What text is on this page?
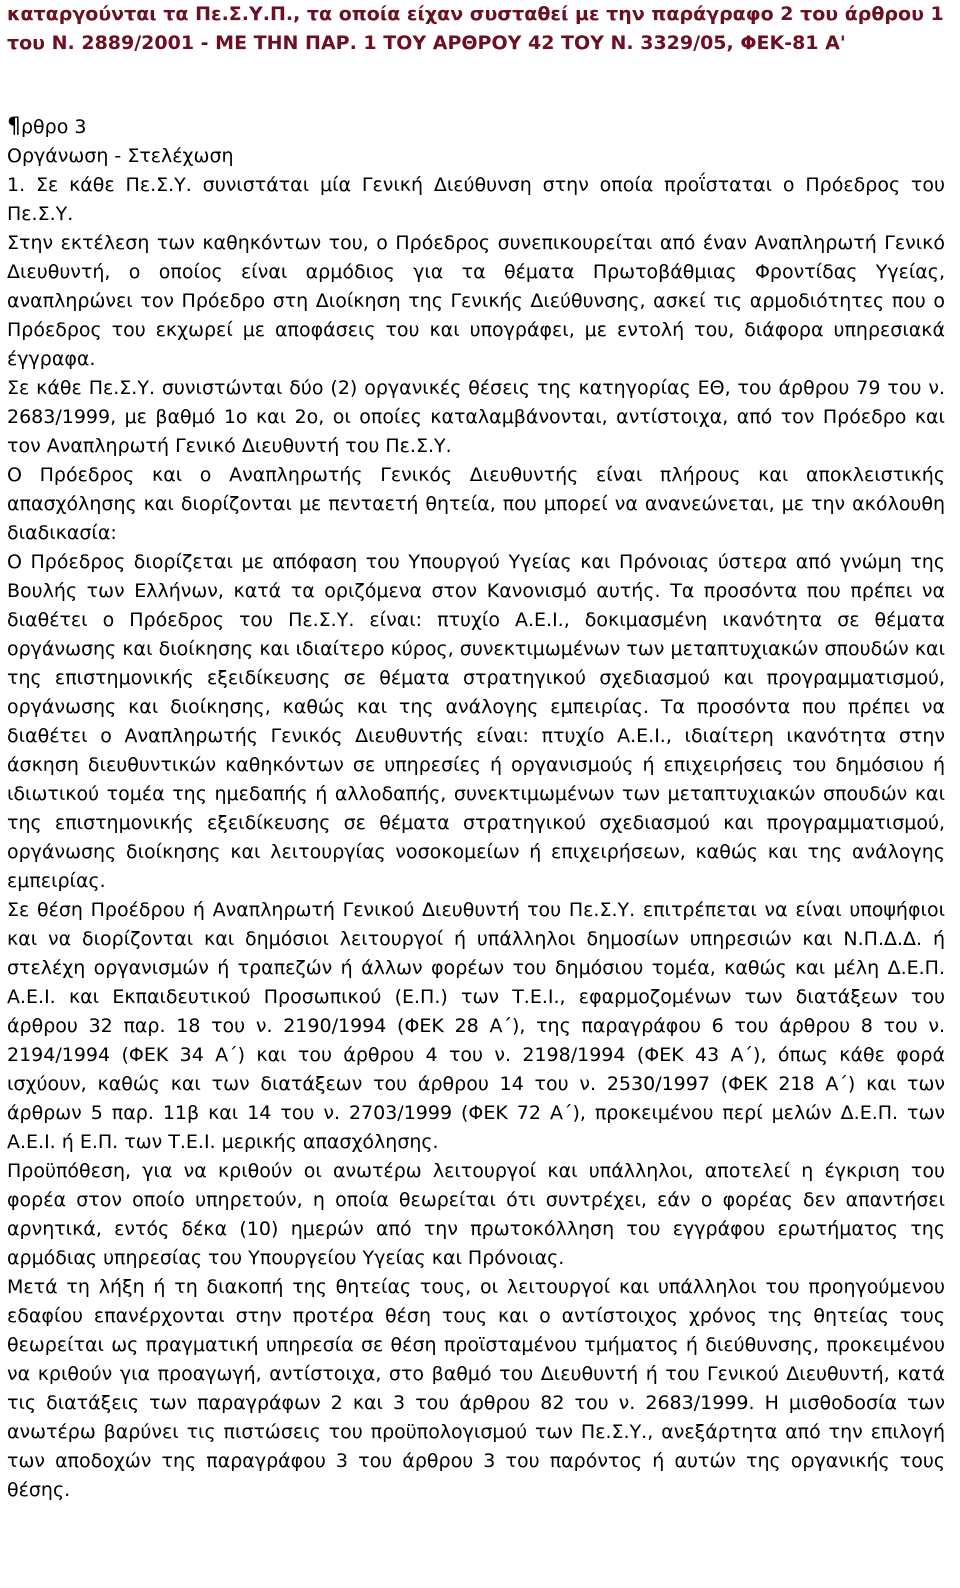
καταργούνται τα Πε.Σ.Υ.Π., τα οποία είχαν συσταθεί με την παράγραφο 2 του άρθρου 1 του Ν. 2889/2001 - ΜΕ ΤΗΝ ΠΑΡ. 1 ΤΟΥ ΑΡΘΡΟΥ 42 ΤΟΥ Ν. 3329/05, ΦΕΚ-81 Α'

¶ρθρο 3

Οργάνωση - Στελέχωση

1. Σε κάθε Πε.Σ.Υ. συνιστάται μία Γενική Διεύθυνση στην οποία προΐσταται ο Πρόεδρος του Πε.Σ.Υ.

Στην εκτέλεση των καθηκόντων του, ο Πρόεδρος συνεπικουρείται από έναν Αναπληρωτή Γενικό Διευθυντή, ο οποίος είναι αρμόδιος για τα θέματα Πρωτοβάθμιας Φροντίδας Υγείας, αναπληρώνει τον Πρόεδρο στη Διοίκηση της Γενικής Διεύθυνσης, ασκεί τις αρμοδιότητες που ο Πρόεδρος του εκχωρεί με αποφάσεις του και υπογράφει, με εντολή του, διάφορα υπηρεσιακά έγγραφα.

Σε κάθε Πε.Σ.Υ. συνιστώνται δύο (2) οργανικές θέσεις της κατηγορίας ΕΘ, του άρθρου 79 του ν. 2683/1999, με βαθμό 1ο και 2ο, οι οποίες καταλαμβάνονται, αντίστοιχα, από τον Πρόεδρο και τον Αναπληρωτή Γενικό Διευθυντή του Πε.Σ.Υ.

Ο Πρόεδρος και ο Αναπληρωτής Γενικός Διευθυντής είναι πλήρους και αποκλειστικής απασχόλησης και διορίζονται με πενταετή θητεία, που μπορεί να ανανεώνεται, με την ακόλουθη διαδικασία:

Ο Πρόεδρος διορίζεται με απόφαση του Υπουργού Υγείας και Πρόνοιας ύστερα από γνώμη της Βουλής των Ελλήνων, κατά τα οριζόμενα στον Κανονισμό αυτής. Τα προσόντα που πρέπει να διαθέτει ο Πρόεδρος του Πε.Σ.Υ. είναι: πτυχίο Α.Ε.Ι., δοκιμασμένη ικανότητα σε θέματα οργάνωσης και διοίκησης και ιδιαίτερο κύρος, συνεκτιμωμένων των μεταπτυχιακών σπουδών και της επιστημονικής εξειδίκευσης σε θέματα στρατηγικού σχεδιασμού και προγραμματισμού, οργάνωσης και διοίκησης, καθώς και της ανάλογης εμπειρίας. Τα προσόντα που πρέπει να διαθέτει ο Αναπληρωτής Γενικός Διευθυντής είναι: πτυχίο Α.Ε.Ι., ιδιαίτερη ικανότητα στην άσκηση διευθυντικών καθηκόντων σε υπηρεσίες ή οργανισμούς ή επιχειρήσεις του δημόσιου ή ιδιωτικού τομέα της ημεδαπής ή αλλοδαπής, συνεκτιμωμένων των μεταπτυχιακών σπουδών και της επιστημονικής εξειδίκευσης σε θέματα στρατηγικού σχεδιασμού και προγραμματισμού, οργάνωσης διοίκησης και λειτουργίας νοσοκομείων ή επιχειρήσεων, καθώς και της ανάλογης εμπειρίας.

Σε θέση Προέδρου ή Αναπληρωτή Γενικού Διευθυντή του Πε.Σ.Υ. επιτρέπεται να είναι υποψήφιοι και να διορίζονται και δημόσιοι λειτουργοί ή υπάλληλοι δημοσίων υπηρεσιών και Ν.Π.Δ.Δ. ή στελέχη οργανισμών ή τραπεζών ή άλλων φορέων του δημόσιου τομέα, καθώς και μέλη Δ.Ε.Π. Α.Ε.Ι. και Εκπαιδευτικού Προσωπικού (Ε.Π.) των Τ.Ε.Ι., εφαρμοζομένων των διατάξεων του άρθρου 32 παρ. 18 του ν. 2190/1994 (ΦΕΚ 28 Α΄), της παραγράφου 6 του άρθρου 8 του ν. 2194/1994 (ΦΕΚ 34 Α΄) και του άρθρου 4 του ν. 2198/1994 (ΦΕΚ 43 Α΄), όπως κάθε φορά ισχύουν, καθώς και των διατάξεων του άρθρου 14 του ν. 2530/1997 (ΦΕΚ 218 Α΄) και των άρθρων 5 παρ. 11β και 14 του ν. 2703/1999 (ΦΕΚ 72 Α΄), προκειμένου περί μελών Δ.Ε.Π. των Α.Ε.Ι. ή Ε.Π. των Τ.Ε.Ι. μερικής απασχόλησης.

Προϋπόθεση, για να κριθούν οι ανωτέρω λειτουργοί και υπάλληλοι, αποτελεί η έγκριση του φορέα στον οποίο υπηρετούν, η οποία θεωρείται ότι συντρέχει, εάν ο φορέας δεν απαντήσει αρνητικά, εντός δέκα (10) ημερών από την πρωτοκόλληση του εγγράφου ερωτήματος της αρμόδιας υπηρεσίας του Υπουργείου Υγείας και Πρόνοιας.

Μετά τη λήξη ή τη διακοπή της θητείας τους, οι λειτουργοί και υπάλληλοι του προηγούμενου εδαφίου επανέρχονται στην προτέρα θέση τους και ο αντίστοιχος χρόνος της θητείας τους θεωρείται ως πραγματική υπηρεσία σε θέση προϊσταμένου τμήματος ή διεύθυνσης, προκειμένου να κριθούν για προαγωγή, αντίστοιχα, στο βαθμό του Διευθυντή ή του Γενικού Διευθυντή, κατά τις διατάξεις των παραγράφων 2 και 3 του άρθρου 82 του ν. 2683/1999. Η μισθοδοσία των ανωτέρω βαρύνει τις πιστώσεις του προϋπολογισμού των Πε.Σ.Υ., ανεξάρτητα από την επιλογή των αποδοχών της παραγράφου 3 του άρθρου 3 του παρόντος ή αυτών της οργανικής τους θέσης.
